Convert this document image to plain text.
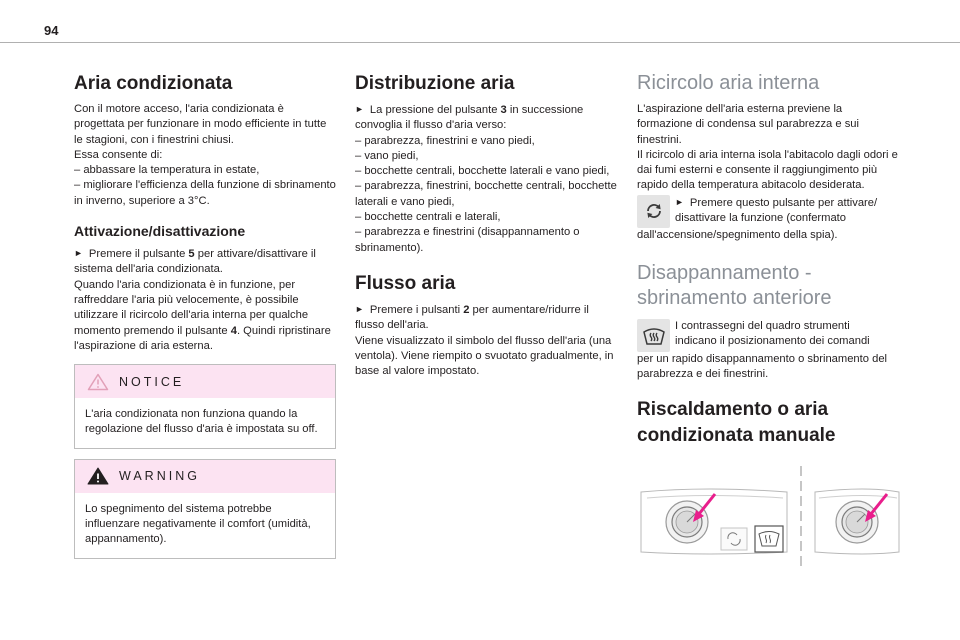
94
Aria condizionata

Con il motore acceso, l'aria condizionata è progettata per funzionare in modo efficiente in tutte le stagioni, con i finestrini chiusi.

Essa consente di:

– abbassare la temperatura in estate,

– migliorare l'efficienza della funzione di sbrinamento in inverno, superiore a 3°C.

Attivazione/disattivazione

► Premere il pulsante 5 per attivare/disattivare il sistema dell'aria condizionata.

Quando l'aria condizionata è in funzione, per raffreddare l'aria più velocemente, è possibile utilizzare il ricircolo dell'aria interna per qualche momento premendo il pulsante 4. Quindi ripristinare l'aspirazione di aria esterna.

NOTICE

L'aria condizionata non funziona quando la regolazione del flusso d'aria è impostata su off.

WARNING

Lo spegnimento del sistema potrebbe influenzare negativamente il comfort (umidità, appannamento).

Distribuzione aria

► La pressione del pulsante 3 in successione convoglia il flusso d'aria verso:

– parabrezza, finestrini e vano piedi,

– vano piedi,

– bocchette centrali, bocchette laterali e vano piedi,

– parabrezza, finestrini, bocchette centrali, bocchette laterali e vano piedi,

– bocchette centrali e laterali,

– parabrezza e finestrini (disappannamento o sbrinamento).

Flusso aria

► Premere i pulsanti 2 per aumentare/ridurre il flusso dell'aria.

Viene visualizzato il simbolo del flusso dell'aria (una ventola). Viene riempito o svuotato gradualmente, in base al valore impostato.

Ricircolo aria interna

L'aspirazione dell'aria esterna previene la formazione di condensa sul parabrezza e sui finestrini.

Il ricircolo di aria interna isola l'abitacolo dagli odori e dai fumi esterni e consente il raggiungimento più rapido della temperatura abitacolo desiderata.

► Premere questo pulsante per attivare/

disattivare la funzione (confermato

dall'accensione/spegnimento della spia).

Disappannamento -
sbrinamento anteriore

I contrassegni del quadro strumenti

indicano il posizionamento dei comandi

per un rapido disappannamento o sbrinamento del parabrezza e dei finestrini.

Riscaldamento o aria
condizionata manuale
